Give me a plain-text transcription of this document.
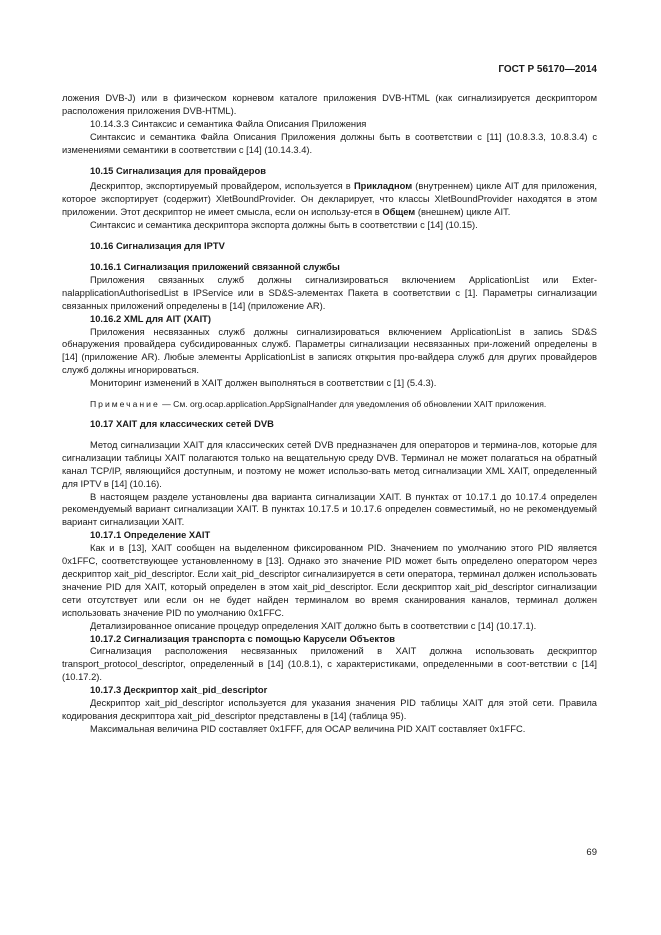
ГОСТ Р 56170—2014

ложения DVB-J) или в физическом корневом каталоге приложения DVB-HTML (как сигнализируется дескриптором расположения приложения DVB-HTML).

10.14.3.3 Синтаксис и семантика Файла Описания Приложения

Синтаксис и семантика Файла Описания Приложения должны быть в соответствии с [11] (10.8.3.3, 10.8.3.4) с изменениями семантики в соответствии с [14] (10.14.3.4).

10.15 Сигнализация для провайдеров

Дескриптор, экспортируемый провайдером, используется в Прикладном (внутреннем) цикле AIT для приложения, которое экспортирует (содержит) XletBoundProvider. Он декларирует, что классы XletBoundProvider находятся в этом приложении. Этот дескриптор не имеет смысла, если он использу-ется в Общем (внешнем) цикле AIT.

Синтаксис и семантика дескриптора экспорта должны быть в соответствии с [14] (10.15).

10.16 Сигнализация для IPTV

10.16.1 Сигнализация приложений связанной службы

Приложения связанных служб должны сигнализироваться включением ApplicationList или Exter-nalapplicationAuthorisedList в IPService или в SD&S-элементах Пакета в соответствии с [1]. Параметры сигнализации связанных приложений определены в [14] (приложение AR).

10.16.2 XML для AIT (XAIT)

Приложения несвязанных служб должны сигнализироваться включением ApplicationList в запись SD&S обнаружения провайдера субсидированных служб. Параметры сигнализации несвязанных при-ложений определены в [14] (приложение AR). Любые элементы ApplicationList в записях открытия про-вайдера служб для других провайдеров служб должны игнорироваться.

Мониторинг изменений в XAIT должен выполняться в соответствии с [1] (5.4.3).

Примечание — См. org.ocap.application.AppSignalHander для уведомления об обновлении XAIT приложения.

10.17 XAIT для классических сетей DVB

Метод сигнализации XAIT для классических сетей DVB предназначен для операторов и термина-лов, которые для сигнализации таблицы XAIT полагаются только на вещательную среду DVB. Терминал не может полагаться на обратный канал TCP/IP, являющийся доступным, и поэтому не может использо-вать метод сигнализации XML XAIT, определенный для IPTV в [14] (10.16).

В настоящем разделе установлены два варианта сигнализации XAIT. В пунктах от 10.17.1 до 10.17.4 определен рекомендуемый вариант сигнализации XAIT. В пунктах 10.17.5 и 10.17.6 определен совместимый, но не рекомендуемый вариант сигнализации XAIT.

10.17.1 Определение XAIT

Как и в [13], XAIT сообщен на выделенном фиксированном PID. Значением по умолчанию этого PID является 0x1FFC, соответствующее установленному в [13]. Однако это значение PID может быть определено оператором через дескриптор xait_pid_descriptor. Если xait_pid_descriptor сигнализируется в сети оператора, терминал должен использовать значение PID для XAIT, который определен в этом xait_pid_descriptor. Если дескриптор xait_pid_descriptor сигнализации сети отсутствует или если он не будет найден терминалом во время сканирования каналов, терминал должен использовать значение PID по умолчанию 0x1FFC.

Детализированное описание процедур определения XAIT должно быть в соответствии с [14] (10.17.1).

10.17.2 Сигнализация транспорта с помощью Карусели Объектов

Сигнализация расположения несвязанных приложений в XAIT должна использовать дескриптор transport_protocol_descriptor, определенный в [14] (10.8.1), с характеристиками, определенными в соот-ветствии с [14] (10.17.2).

10.17.3 Дескриптор xait_pid_descriptor

Дескриптор xait_pid_descriptor используется для указания значения PID таблицы XAIT для этой сети. Правила кодирования дескриптора xait_pid_descriptor представлены в [14] (таблица 95).

Максимальная величина PID составляет 0x1FFF, для OCAP величина PID XAIT составляет 0x1FFC.

69
